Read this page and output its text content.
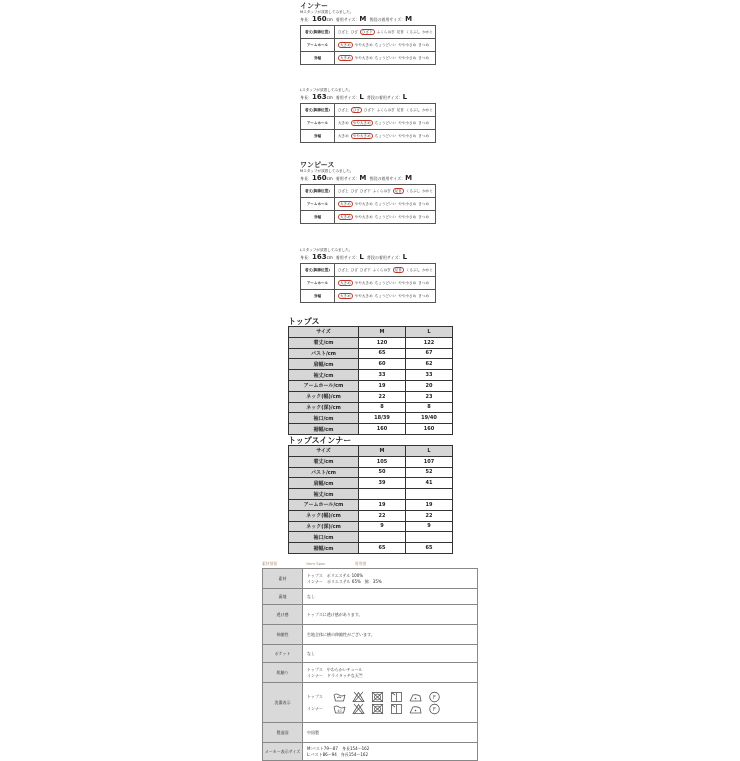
インナー
Mスタッフが試着してみました。
身長：160cm 着用サイズ：M 普段の着用サイズ：M
着丈(脚線位置)	ひざ上 ひざ ひざ下 ふくらはぎ 足首 くるぶし かかと
アームホール	大きめ やや大きめ ちょうどいい やや小さめ きつめ
身幅	大きめ やや大きめ ちょうどいい やや小さめ きつめ
Lスタッフが試着してみました。
身長：163cm 着用サイズ：L 普段の着用サイズ：L
着丈(脚線位置)	ひざ上 ひざ ひざ下 ふくらはぎ 足首 くるぶし かかと
アームホール	大きめ やや大きめ ちょうどいい やや小さめ きつめ
身幅	大きめ やや大きめ ちょうどいい やや小さめ きつめ
ワンピース
Mスタッフが試着してみました。
身長：160cm 着用サイズ：M 普段の着用サイズ：M
着丈(脚線位置)	ひざ上 ひざ ひざ下 ふくらはぎ 足首 くるぶし かかと
アームホール	大きめ やや大きめ ちょうどいい やや小さめ きつめ
身幅	大きめ やや大きめ ちょうどいい やや小さめ きつめ
Lスタッフが試着してみました。
身長：163cm 着用サイズ：L 普段の着用サイズ：L
着丈(脚線位置)	ひざ上 ひざ ひざ下 ふくらはぎ 足首 くるぶし かかと
アームホール	大きめ やや大きめ ちょうどいい やや小さめ きつめ
身幅	大きめ やや大きめ ちょうどいい やや小さめ きつめ
トップス
サイズ	M	L
着丈/cm	120	122
バスト/cm	65	67
肩幅/cm	60	62
袖丈/cm	33	33
アームホール/cm	19	20
ネック(幅)/cm	22	23
ネック(深)/cm	8	8
袖口/cm	18/39	19/40
裾幅/cm	160	160
トップスインナー
サイズ	M	L
着丈/cm	105	107
バスト/cm	50	52
肩幅/cm	39	41
袖丈/cm		
アームホール/cm	19	19
ネック(幅)/cm	22	22
ネック(深)/cm	9	9
袖口/cm		
裾幅/cm	65	65
素材情報	Item Spec	着用感
素材	トップス　ポリエステル 100%
インナー　ポリエステル 65%　綿　35%

裏地	なし

透け感	トップスに透け感があります。

伸縮性	生地全体に横の伸縮性がございます。

ポケット	なし

肌触り	トップス　やわらかいチュール
インナー　ドライタッチな天竺

洗濯表示	トップス F
インナー 40 F

製造国	中国製

メーカー表示サイズ	M:バスト79〜87　身長154〜162
L:バスト86〜94　身長154〜162
